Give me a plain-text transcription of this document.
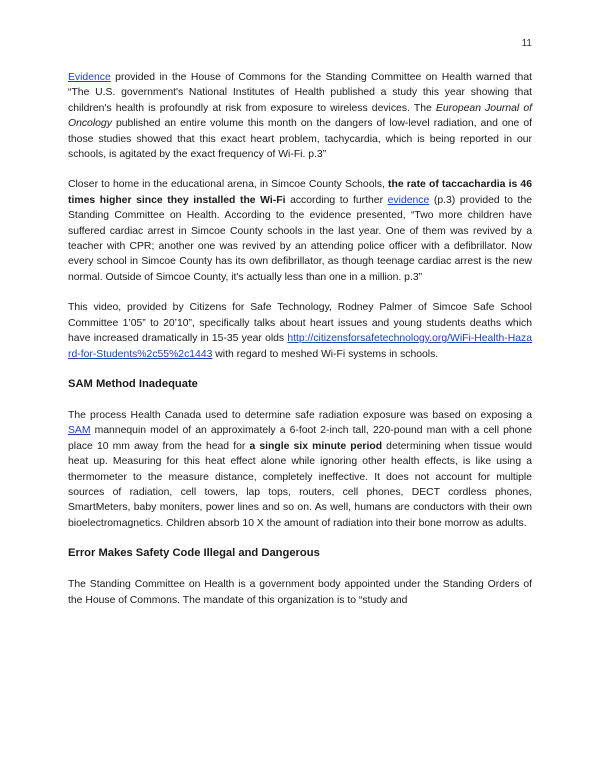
11

Evidence provided in the House of Commons for the Standing Committee on Health warned that “The U.S. government's National Institutes of Health published a study this year showing that children's health is profoundly at risk from exposure to wireless devices. The European Journal of Oncology published an entire volume this month on the dangers of low-level radiation, and one of those studies showed that this exact heart problem, tachycardia, which is being reported in our schools, is agitated by the exact frequency of Wi-Fi. p.3”

Closer to home in the educational arena, in Simcoe County Schools, the rate of taccachardia is 46 times higher since they installed the Wi-Fi according to further evidence (p.3) provided to the Standing Committee on Health. According to the evidence presented, “Two more children have suffered cardiac arrest in Simcoe County schools in the last year. One of them was revived by a teacher with CPR; another one was revived by an attending police officer with a defibrillator. Now every school in Simcoe County has its own defibrillator, as though teenage cardiac arrest is the new normal. Outside of Simcoe County, it's actually less than one in a million. p.3”

This video, provided by Citizens for Safe Technology, Rodney Palmer of Simcoe Safe School Committee 1’05” to 20’10”, specifically talks about heart issues and young students deaths which have increased dramatically in 15-35 year olds http://citizensforsafetechnology.org/WiFi-Health-Hazard-for-Students%2c55%2c1443 with regard to meshed Wi-Fi systems in schools.

SAM Method Inadequate

The process Health Canada used to determine safe radiation exposure was based on exposing a SAM mannequin model of an approximately a 6-foot 2-inch tall, 220-pound man with a cell phone place 10 mm away from the head for a single six minute period determining when tissue would heat up. Measuring for this heat effect alone while ignoring other health effects, is like using a thermometer to the measure distance, completely ineffective. It does not account for multiple sources of radiation, cell towers, lap tops, routers, cell phones, DECT cordless phones, SmartMeters, baby moniters, power lines and so on. As well, humans are conductors with their own bioelectromagnetics. Children absorb 10 X the amount of radiation into their bone morrow as adults.

Error Makes Safety Code Illegal and Dangerous

The Standing Committee on Health is a government body appointed under the Standing Orders of the House of Commons. The mandate of this organization is to “study and
